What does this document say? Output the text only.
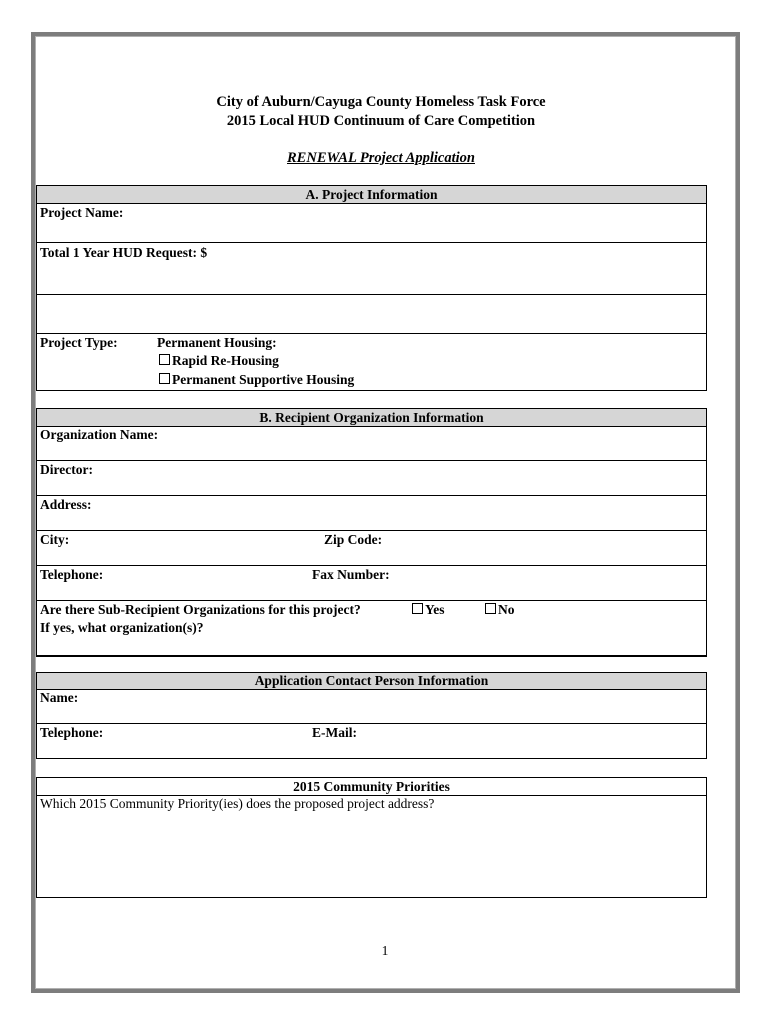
City of Auburn/Cayuga County Homeless Task Force
2015 Local HUD Continuum of Care Competition
RENEWAL Project Application
A. Project Information
Project Name:
Total 1 Year HUD Request: $
Project Type:	Permanent Housing:
Rapid Re-Housing
Permanent Supportive Housing
B. Recipient Organization Information
Organization Name:
Director:
Address:
City:	Zip Code:
Telephone:	Fax Number:
Are there Sub-Recipient Organizations for this project?	Yes	No
If yes, what organization(s)?
Application Contact Person Information
Name:
Telephone:	E-Mail:
2015 Community Priorities
Which 2015 Community Priority(ies) does the proposed project address?
1
